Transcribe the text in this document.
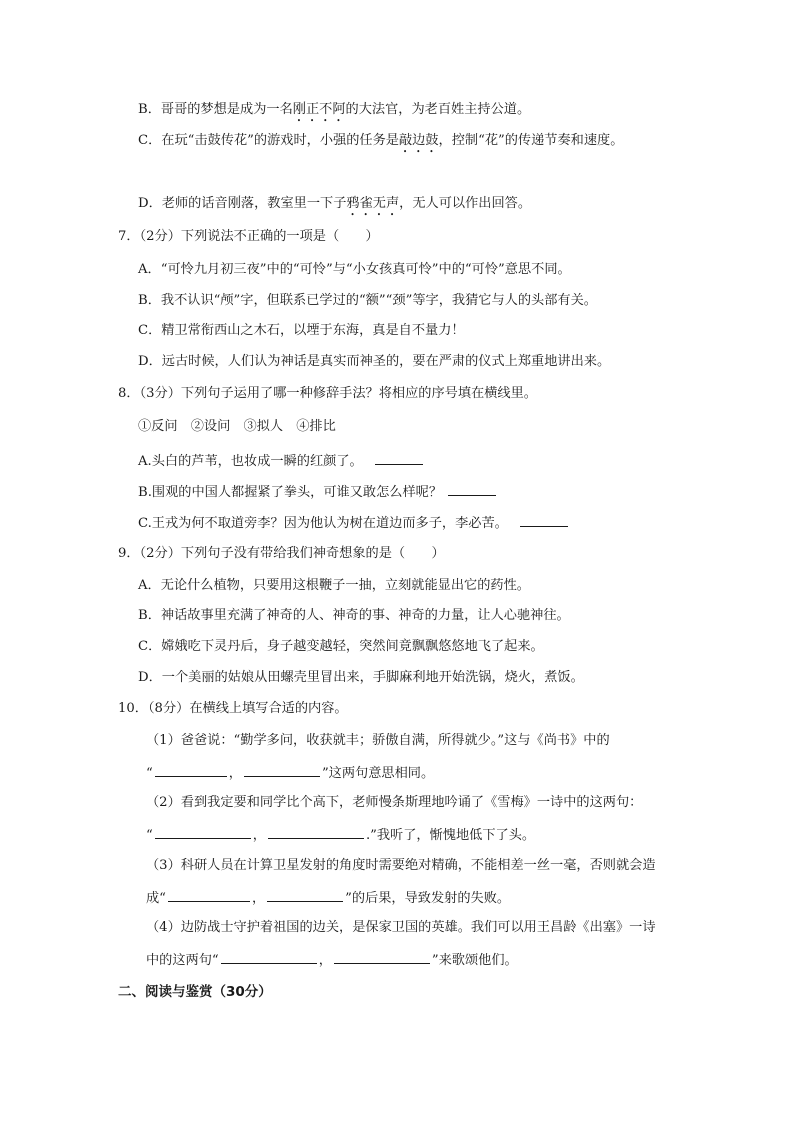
B．哥哥的梦想是成为一名刚正不阿的大法官，为老百姓主持公道。
C．在玩“击鼓传花”的游戏时，小强的任务是敲边鼓，控制“花”的传递节奏和速度。
D．老师的话音刚落，教室里一下子鸦雀无声，无人可以作出回答。
7．（2分）下列说法不正确的一项是（　　）
A．“可怜九月初三夜”中的“可怜”与“小女孩真可怜”中的“可怜”意思不同。
B．我不认识“颅”字，但联系已学过的“额”“颈”等字，我猜它与人的头部有关。
C．精卫常衔西山之木石，以堙于东海，真是自不量力！
D．远古时候，人们认为神话是真实而神圣的，要在严肃的仪式上郑重地讲出来。
8．（3分）下列句子运用了哪一种修辞手法？将相应的序号填在横线里。
①反问　②设问　③拟人　④排比
A.头白的芦苇，也妆成一瞬的红颜了。
B.围观的中国人都握紧了拳头，可谁又敢怎么样呢？
C.王戎为何不取道旁李？因为他认为树在道边而多子，李必苦。
9．（2分）下列句子没有带给我们神奇想象的是（　　）
A．无论什么植物，只要用这根鞭子一抽，立刻就能显出它的药性。
B．神话故事里充满了神奇的人、神奇的事、神奇的力量，让人心驰神往。
C．嫦娥吃下灵丹后，身子越变越轻，突然间竟飘飘悠悠地飞了起来。
D．一个美丽的姑娘从田螺壳里冒出来，手脚麻利地开始洗锅，烧火，煮饭。
10．（8分）在横线上填写合适的内容。
（1）爸爸说：“勤学多问，收获就丰；骄傲自满，所得就少。”这与《尚书》中的
“	，	”这两句意思相同。
（2）看到我定要和同学比个高下，老师慢条斯理地吟诵了《雪梅》一诗中的这两句：
“	，	.”我听了，惭愧地低下了头。
（3）科研人员在计算卫星发射的角度时需要绝对精确，不能相差一丝一毫，否则就会造
成“	，	”的后果，导致发射的失败。
（4）边防战士守护着祖国的边关，是保家卫国的英雄。我们可以用王昌龄《出塞》一诗
中的这两句“	，	”来歌颂他们。
二、阅读与鉴赏（30分）
